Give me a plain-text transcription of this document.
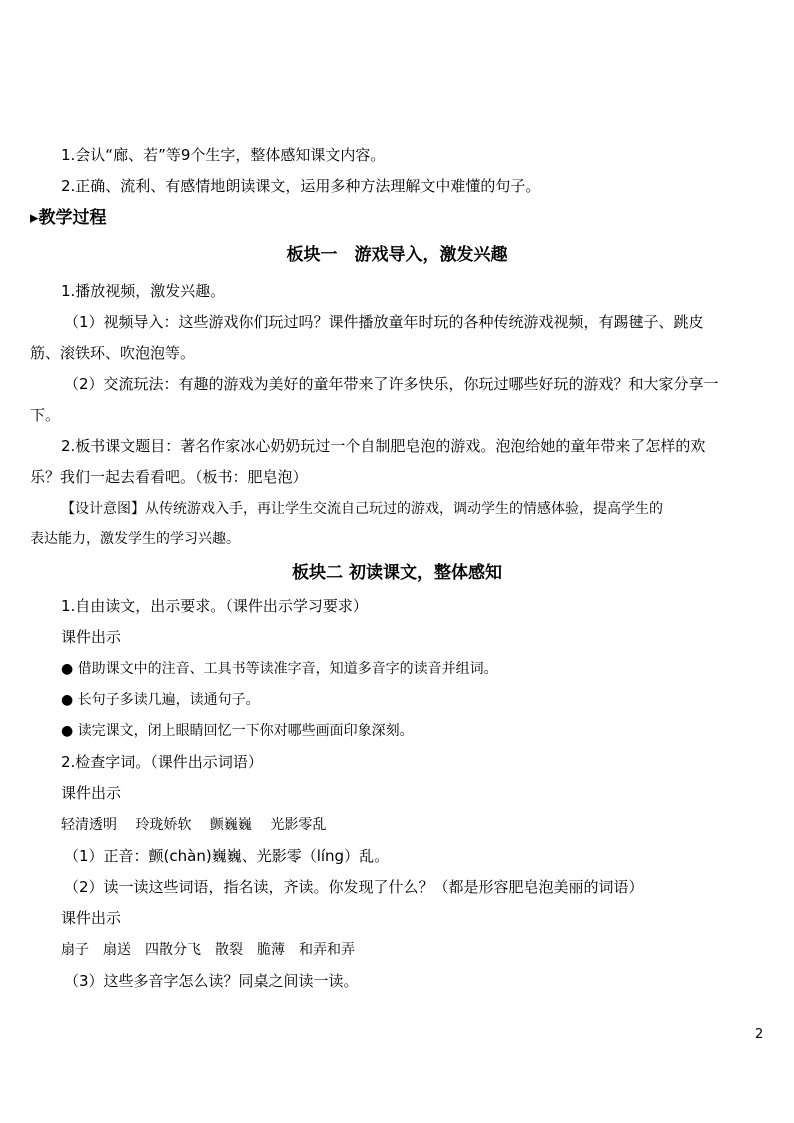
1.会认“廊、若”等9个生字，整体感知课文内容。
2.正确、流利、有感情地朗读课文，运用多种方法理解文中难懂的句子。
▸教学过程
板块一　游戏导入，激发兴趣
1.播放视频，激发兴趣。
（1）视频导入：这些游戏你们玩过吗？课件播放童年时玩的各种传统游戏视频，有踢毽子、跳皮
筋、滚铁环、吹泡泡等。
（2）交流玩法：有趣的游戏为美好的童年带来了许多快乐，你玩过哪些好玩的游戏？和大家分享一
下。
2.板书课文题目：著名作家冰心奶奶玩过一个自制肥皂泡的游戏。泡泡给她的童年带来了怎样的欢
乐？我们一起去看看吧。（板书：肥皂泡）
【设计意图】从传统游戏入手，再让学生交流自己玩过的游戏，调动学生的情感体验，提高学生的
表达能力，激发学生的学习兴趣。
板块二 初读课文，整体感知
1.自由读文，出示要求。（课件出示学习要求）
课件出示
● 借助课文中的注音、工具书等读准字音，知道多音字的读音并组词。
● 长句子多读几遍，读通句子。
● 读完课文，闭上眼睛回忆一下你对哪些画面印象深刻。
2.检查字词。（课件出示词语）
课件出示
轻清透明　 玲珑娇软　 颤巍巍　 光影零乱
（1）正音：颤(chàn)巍巍、光影零（líng）乱。
（2）读一读这些词语，指名读，齐读。你发现了什么？（都是形容肥皂泡美丽的词语）
课件出示
扇子　扇送　四散分飞　散裂　脆薄　和弄和弄
（3）这些多音字怎么读？同桌之间读一读。
2
